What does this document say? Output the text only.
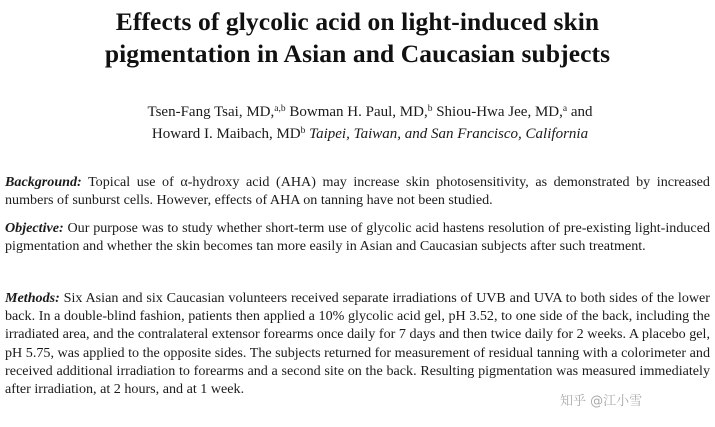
Effects of glycolic acid on light-induced skin
pigmentation in Asian and Caucasian subjects
Tsen-Fang Tsai, MD,$^{a,b}$ Bowman H. Paul, MD,$^b$ Shiou-Hwa Jee, MD,$^a$ and
Howard I. Maibach, $MD^b$ Taipei, Taiwan, and San Francisco, California
Background: Topical use of α-hydroxy acid (AHA) may increase skin photosensitivity, as demonstrated by increased numbers of sunburst cells. However, effects of AHA on tanning have not been studied.
Objective: Our purpose was to study whether short-term use of glycolic acid hastens resolution of pre-existing light-induced pigmentation and whether the skin becomes tan more easily in Asian and Caucasian subjects after such treatment.
Methods: Six Asian and six Caucasian volunteers received separate irradiations of UVB and UVA to both sides of the lower back. In a double-blind fashion, patients then applied a 10% glycolic acid gel, pH 3.52, to one side of the back, including the irradiated area, and the contralateral extensor forearms once daily for 7 days and then twice daily for 2 weeks. A placebo gel, pH 5.75, was applied to the opposite sides. The subjects returned for measurement of residual tanning with a colorimeter and received additional irradiation to forearms and a second site on the back. Resulting pigmentation was measured immediately after irradiation, at 2 hours, and at 1 week.
知乎 @江小雪
